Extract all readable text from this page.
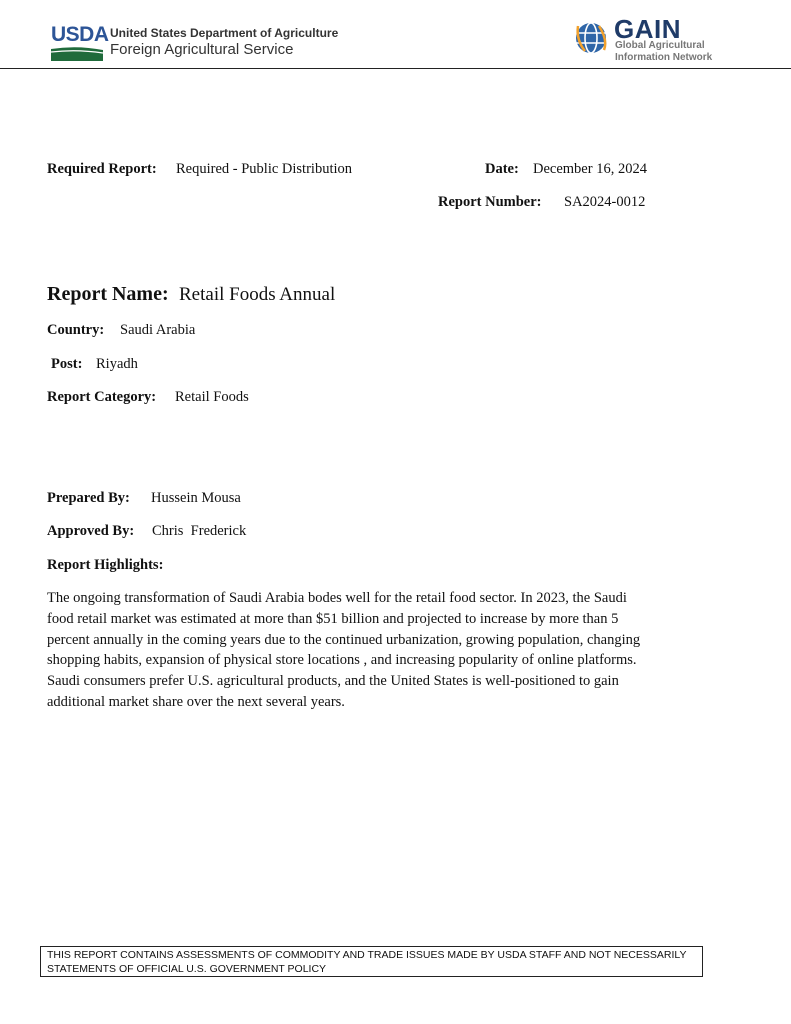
USDA United States Department of Agriculture
Foreign Agricultural Service
GAIN
Global Agricultural
Information Network
Required Report: Required - Public Distribution	Date: December 16, 2024
Report Number: SA2024-0012
Report Name: Retail Foods Annual
Country: Saudi Arabia
Post: Riyadh
Report Category: Retail Foods
Prepared By: Hussein Mousa
Approved By: Chris  Frederick
Report Highlights:
The ongoing transformation of Saudi Arabia bodes well for the retail food sector. In 2023, the Saudi
food retail market was estimated at more than $51 billion and projected to increase by more than 5
percent annually in the coming years due to the continued urbanization, growing population, changing
shopping habits, expansion of physical store locations , and increasing popularity of online platforms.
Saudi consumers prefer U.S. agricultural products, and the United States is well-positioned to gain
additional market share over the next several years.
THIS REPORT CONTAINS ASSESSMENTS OF COMMODITY AND TRADE ISSUES MADE BY USDA STAFF AND NOT NECESSARILY
STATEMENTS OF OFFICIAL U.S. GOVERNMENT POLICY
